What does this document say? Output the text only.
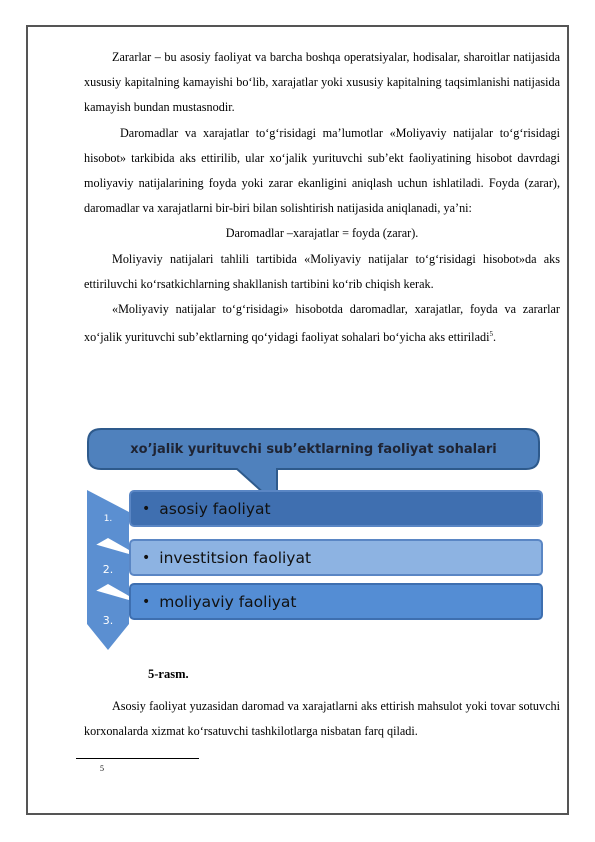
Zararlar – bu asosiy faoliyat va barcha boshqa operatsiyalar, hodisalar, sharoitlar natijasida xususiy kapitalning kamayishi bo‘lib, xarajatlar yoki xususiy kapitalning taqsimlanishi natijasida kamayish bundan mustasnodir.

Daromadlar va xarajatlar to‘g‘risidagi ma’lumotlar «Moliyaviy natijalar to‘g‘risidagi hisobot» tarkibida aks ettirilib, ular xo‘jalik yurituvchi sub’ekt faoliyatining hisobot davrdagi moliyaviy natijalarining foyda yoki zarar ekanligini aniqlash uchun ishlatiladi. Foyda (zarar), daromadlar va xarajatlarni bir-biri bilan solishtirish natijasida aniqlanadi, ya’ni:

Daromadlar –xarajatlar = foyda (zarar).

Moliyaviy natijalari tahlili tartibida «Moliyaviy natijalar to‘g‘risidagi hisobot»da aks ettiriluvchi ko‘rsatkichlarning shakllanish tartibini ko‘rib chiqish kerak.

«Moliyaviy natijalar to‘g‘risidagi» hisobotda daromadlar, xarajatlar, foyda va zararlar xo‘jalik yurituvchi sub’ektlarning qo‘yidagi faoliyat sohalari bo‘yicha aks ettiriladi$^5$.

xo’jalik yurituvchi sub’ektlarning faoliyat sohalari
1.
• asosiy faoliyat
2.
• investitsion faoliyat
3.
• moliyaviy faoliyat
5-rasm.

Asosiy faoliyat yuzasidan daromad va xarajatlarni aks ettirish mahsulot yoki tovar sotuvchi korxonalarda xizmat ko‘rsatuvchi tashkilotlarga nisbatan farq qiladi.

5
